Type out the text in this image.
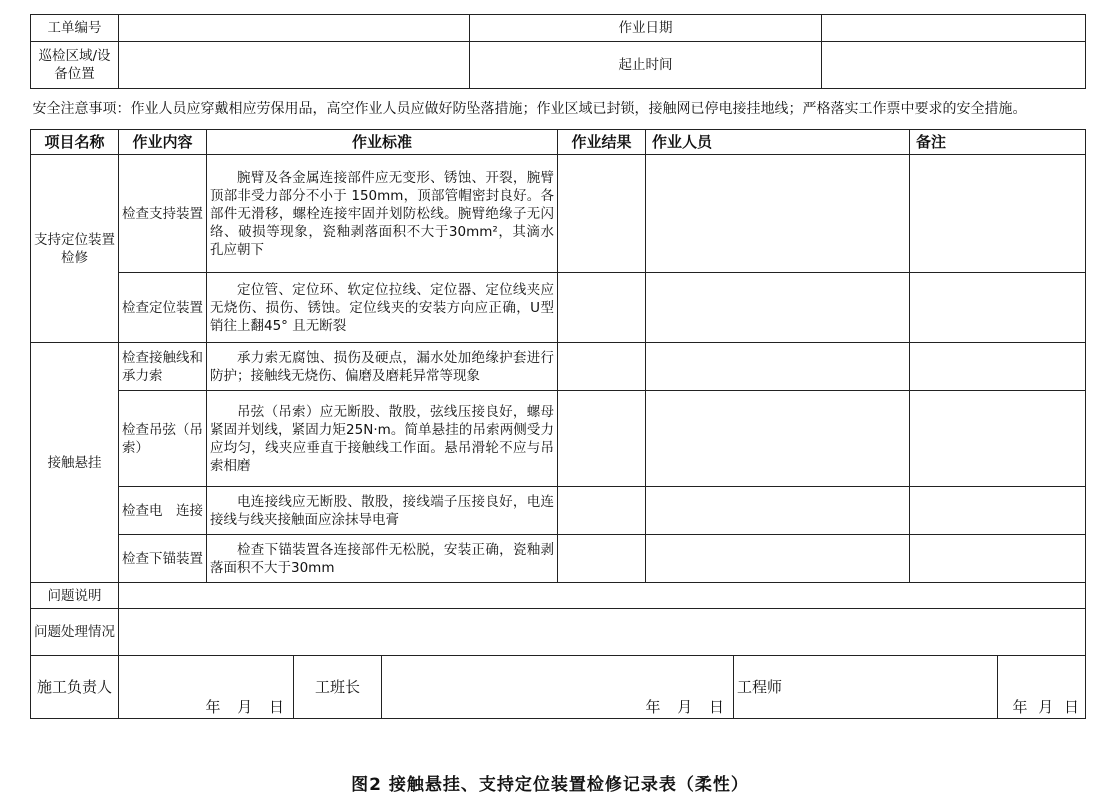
工单编号					作业日期						
巡检区域/设备位置					起止时间						
安全注意事项：作业人员应穿戴相应劳保用品，高空作业人员应做好防坠落措施；作业区域已封锁，接触网已停电接挂地线；严格落实工作票中要求的安全措施。											
项目名称	作业内容	作业标准				作业结果	作业人员			备注	
支持定位装置检修	检查支持装置	腕臂及各金属连接部件应无变形、锈蚀、开裂，腕臂顶部非受力部分不小于 150mm，顶部管帽密封良好。各部件无滑移，螺栓连接牢固并划防松线。腕臂绝缘子无闪络、破损等现象，瓷釉剥落面积不大于30mm²，其滴水孔应朝下									
	检查定位装置	定位管、定位环、软定位拉线、定位器、定位线夹应无烧伤、损伤、锈蚀。定位线夹的安装方向应正确，U型销往上翻45° 且无断裂									
接触悬挂	检查接触线和承力索	承力索无腐蚀、损伤及硬点，漏水处加绝缘护套进行防护；接触线无烧伤、偏磨及磨耗异常等现象									
	检查吊弦（吊索）	吊弦（吊索）应无断股、散股，弦线压接良好，螺母紧固并划线，紧固力矩25N·m。简单悬挂的吊索两侧受力应均匀，线夹应垂直于接触线工作面。悬吊滑轮不应与吊索相磨									
	检查电　连接	电连接线应无断股、散股，接线端子压接良好，电连接线与线夹接触面应涂抹导电膏									
	检查下锚装置	检查下锚装置各连接部件无松脱，安装正确，瓷釉剥落面积不大于30mm									
问题说明											
问题处理情况											
施工负责人	年 月 日		工班长	年 月 日				工程师			年 月 日
图2 接触悬挂、支持定位装置检修记录表（柔性）
